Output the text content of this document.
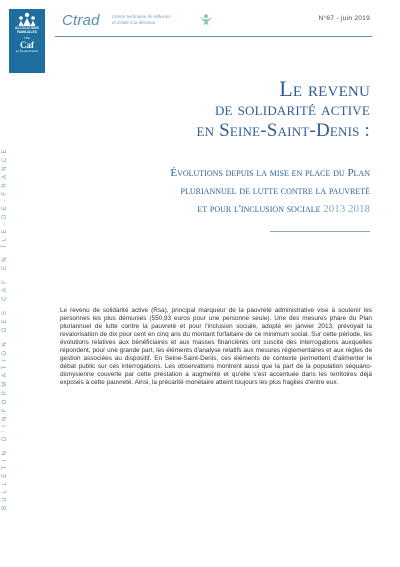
ALLOCATIONS
FAMILIALES
Les
Caf
en Île-de-France
Ctrad	Centre technique de réflexion
et d'aide à la décision
N°67 - juin 2019
BULLETIN D'INFORMATION DES CAF EN ÎLE-DE-FRANCE
Le revenu
de solidarité active
en Seine-Saint-Denis :
Évolutions depuis la mise en place du Plan
pluriannuel de lutte contre la pauvreté
et pour l'inclusion sociale 2013 2018
Le revenu de solidarité active (Rsa), principal marqueur de la pauvreté administrative vise à soutenir les personnes les plus démunies (550,93 euros pour une personne seule). Une des mesures phare du Plan pluriannuel de lutte contre la pauvreté et pour l'inclusion sociale, adopté en janvier 2013, prévoyait la revalorisation de dix pour cent en cinq ans du montant forfaitaire de ce minimum social. Sur cette période, les évolutions relatives aux bénéficiaires et aux masses financières ont suscité des interrogations auxquelles répondent, pour une grande part, les éléments d'analyse relatifs aux mesures réglementaires et aux règles de gestion associées au dispositif. En Seine-Saint-Denis, ces éléments de contexte permettent d'alimenter le débat public sur ces interrogations. Les observations montrent aussi que la part de la population séquano-dionysienne couverte par cette prestation a augmenté et qu'elle s'est accentuée dans les territoires déjà exposés à cette pauvreté. Ainsi, la précarité monétaire atteint toujours les plus fragiles d'entre eux.
